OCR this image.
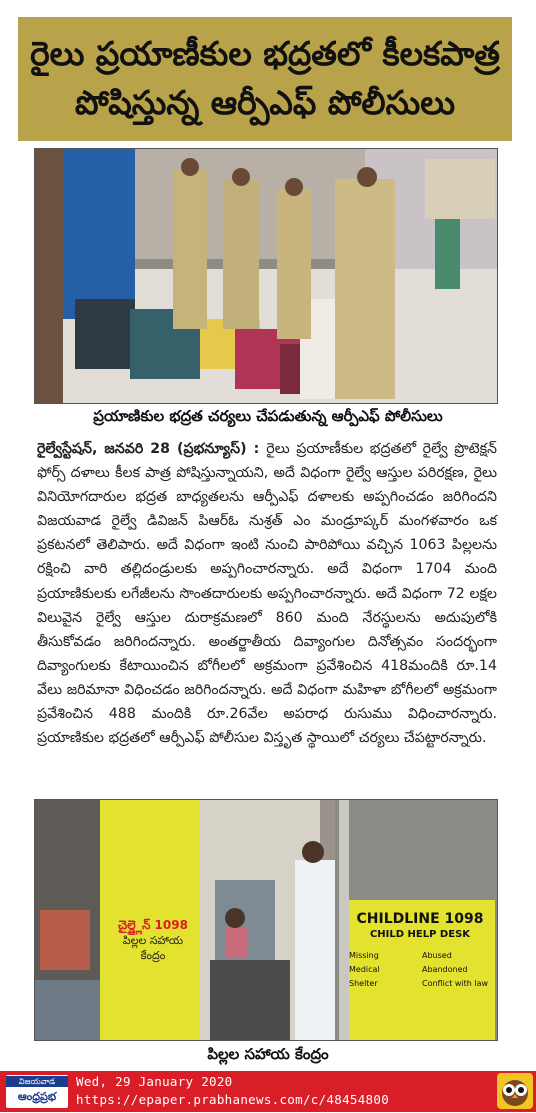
రైలు ప్రయాణీకుల భద్రతలో కీలకపాత్ర
పోషిస్తున్న ఆర్పీఎఫ్ పోలీసులు
ప్రయాణికుల భద్రత చర్యలు చేపడుతున్న ఆర్పీఎఫ్ పోలీసులు
రైల్వేస్టేషన్, జనవరి 28 (ప్రభన్యూస్) : రైలు ప్రయాణీకుల భద్రతలో రైల్వే ప్రొటెక్షన్ ఫోర్స్ దళాలు కీలక పాత్ర పోషిస్తున్నాయని, అదే విధంగా రైల్వే ఆస్తుల పరిరక్షణ, రైలు వినియోగదారుల భద్రత బాధ్యతలను ఆర్పీఎఫ్ దళాలకు అప్పగించడం జరిగిందని విజయవాడ రైల్వే డివిజన్ పిఆర్ఓ నుశ్రత్ ఎం మండ్రూప్కర్ మంగళవారం ఒక ప్రకటనలో తెలిపారు. అదే విధంగా ఇంటి నుంచి పారిపోయి వచ్చిన 1063 పిల్లలను రక్షించి వారి తల్లిదండ్రులకు అప్పగించారన్నారు. అదే విధంగా 1704 మంది ప్రయాణికులకు లగేజీలను సొంతదారులకు అప్పగించారన్నారు. అదే విధంగా 72 లక్షల విలువైన రైల్వే ఆస్తుల దురాక్రమణలో 860 మంది నేరస్థులను అదుపులోకి తీసుకోవడం జరిగిందన్నారు. అంతర్జాతీయ దివ్యాంగుల దినోత్సవం సందర్భంగా దివ్యాంగులకు కేటాయించిన బోగీలలో అక్రమంగా ప్రవేశించిన 418మందికి రూ.14 వేలు జరిమానా విధించడం జరిగిందన్నారు. అదే విధంగా మహిళా బోగీలలో అక్రమంగా ప్రవేశించిన 488 మందికి రూ.26వేల అపరాధ రుసుము విధించారన్నారు. ప్రయాణికుల భద్రతలో ఆర్పీఎఫ్ పోలీసుల విస్తృత స్థాయిలో చర్యలు చేపట్టారన్నారు.
చైల్డ్లైన్ 1098
పిల్లల సహాయ కేంద్రం
CHILDLINE 1098
CHILD HELP DESK
Missing	Abused
Medical	Abandoned
Shelter	Conflict with law
పిల్లల సహాయ కేంద్రం
విజయవాడ
ఆంధ్రప్రభ
Wed, 29 January 2020
https://epaper.prabhanews.com/c/48454800
